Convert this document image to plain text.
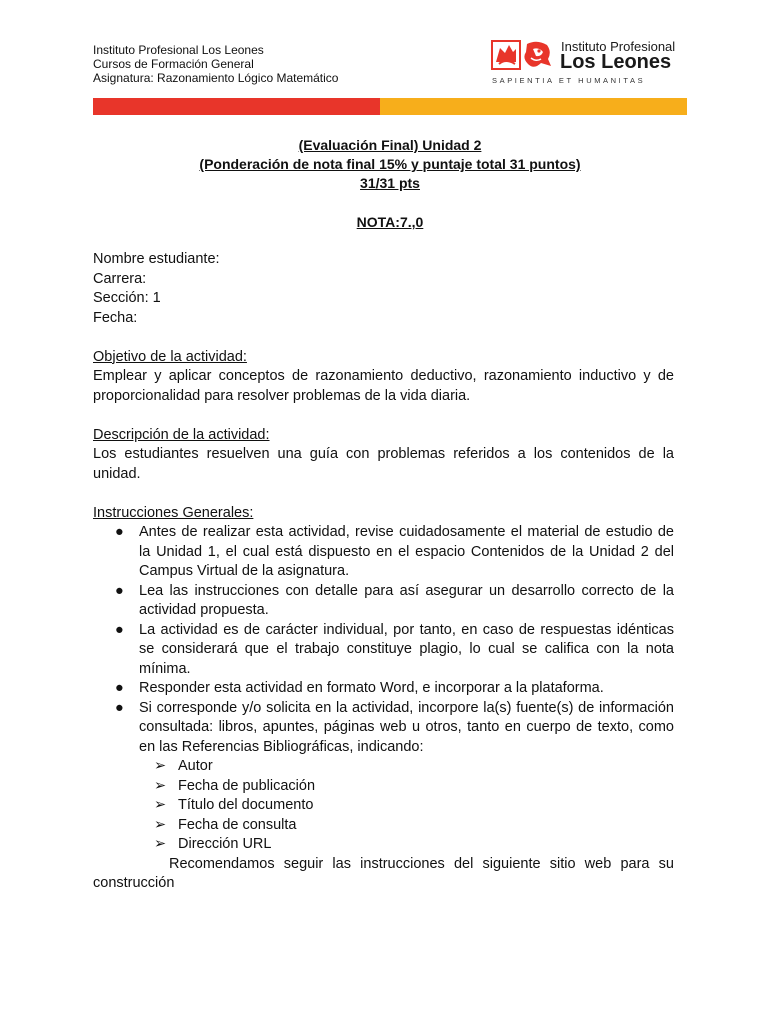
Instituto Profesional Los Leones
Cursos de Formación General
Asignatura: Razonamiento Lógico Matemático
Instituto Profesional
Los Leones
SAPIENTIA ET HUMANITAS
(Evaluación Final) Unidad 2
(Ponderación de nota final 15% y puntaje total 31 puntos)
31/31 pts
NOTA:7.,0

Nombre estudiante:

Carrera:

Sección: 1

Fecha:

Objetivo de la actividad:

Emplear y aplicar conceptos de razonamiento deductivo, razonamiento inductivo y de proporcionalidad para resolver problemas de la vida diaria.

Descripción de la actividad:

Los estudiantes resuelven una guía con problemas referidos a los contenidos de la unidad.

Instrucciones Generales:

● Antes de realizar esta actividad, revise cuidadosamente el material de estudio de la Unidad 1, el cual está dispuesto en el espacio Contenidos de la Unidad 2 del Campus Virtual de la asignatura.
● Lea las instrucciones con detalle para así asegurar un desarrollo correcto de la actividad propuesta.
● La actividad es de carácter individual, por tanto, en caso de respuestas idénticas se considerará que el trabajo constituye plagio, lo cual se califica con la nota mínima.
● Responder esta actividad en formato Word, e incorporar a la plataforma.
● Si corresponde y/o solicita en la actividad, incorpore la(s) fuente(s) de información consultada: libros, apuntes, páginas web u otros, tanto en cuerpo de texto, como en las Referencias Bibliográficas, indicando:
➢ Autor
➢ Fecha de publicación
➢ Título del documento
➢ Fecha de consulta
➢ Dirección URL

Recomendamos seguir las instrucciones del siguiente sitio web para su construcción
